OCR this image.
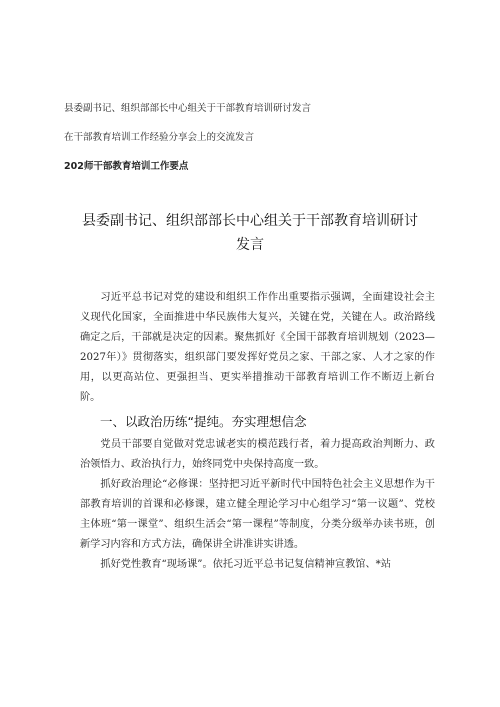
县委副书记、组织部部长中心组关于干部教育培训研讨发言
在干部教育培训工作经验分享会上的交流发言
202师干部教育培训工作要点
县委副书记、组织部部长中心组关于干部教育培训研讨
发言

习近平总书记对党的建设和组织工作作出重要指示强调，全面建设社会主义现代化国家，全面推进中华民族伟大复兴，关键在党，关键在人。政治路线确定之后，干部就是决定的因素。聚焦抓好《全国干部教育培训规划（2023—2027年）》贯彻落实，组织部门要发挥好党员之家、干部之家、人才之家的作用，以更高站位、更强担当、更实举措推动干部教育培训工作不断迈上新台阶。

一、以政治历练“提纯。夯实理想信念

党员干部要自觉做对党忠诚老实的模范践行者，着力提高政治判断力、政治领悟力、政治执行力，始终同党中央保持高度一致。

抓好政治理论“必修课：坚持把习近平新时代中国特色社会主义思想作为干部教育培训的首课和必修课，建立健全理论学习中心组学习“第一议题”、党校主体班“第一课堂”、组织生活会“第一课程”等制度，分类分级举办读书班，创新学习内容和方式方法，确保讲全讲准讲实讲透。

抓好党性教育“现场课”。依托习近平总书记复信精神宣教馆、*站
